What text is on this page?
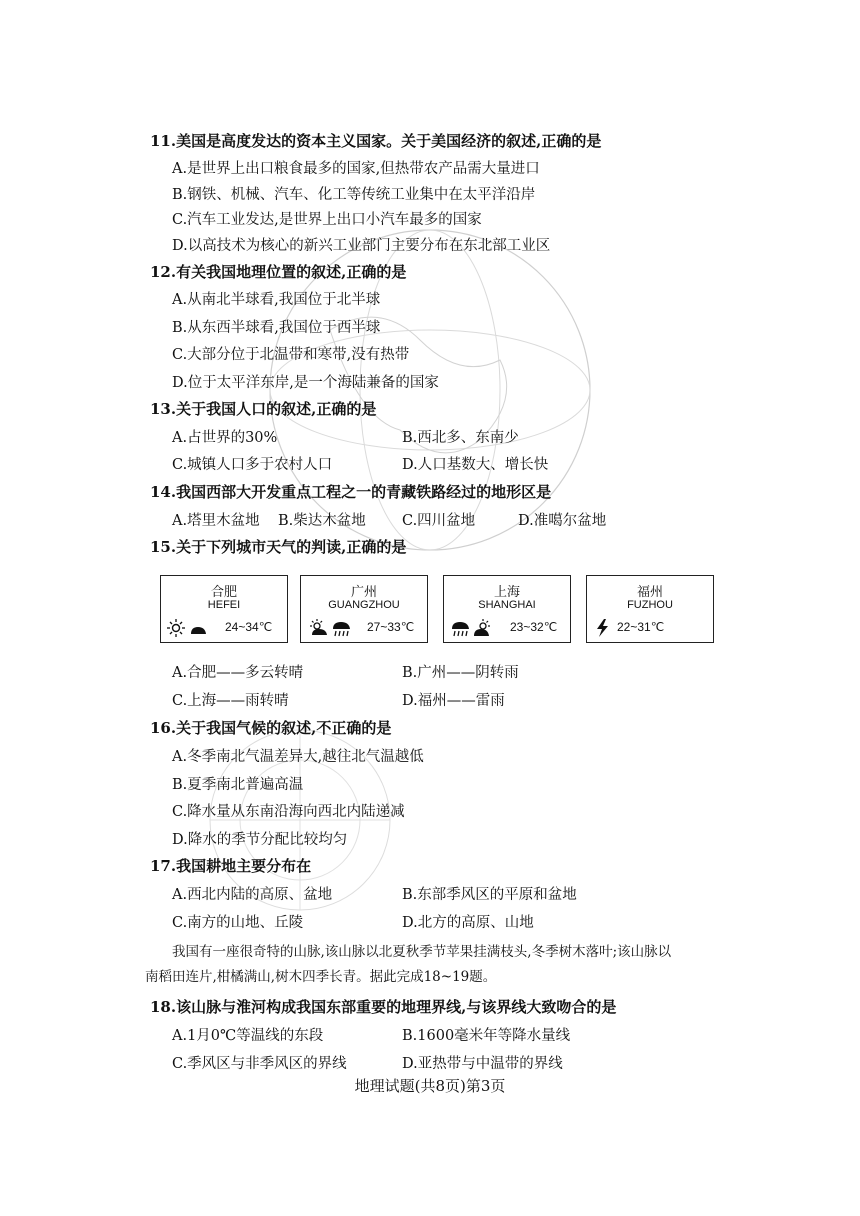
11.美国是高度发达的资本主义国家。关于美国经济的叙述,正确的是
A.是世界上出口粮食最多的国家,但热带农产品需大量进口
B.钢铁、机械、汽车、化工等传统工业集中在太平洋沿岸
C.汽车工业发达,是世界上出口小汽车最多的国家
D.以高技术为核心的新兴工业部门主要分布在东北部工业区
12.有关我国地理位置的叙述,正确的是
A.从南北半球看,我国位于北半球
B.从东西半球看,我国位于西半球
C.大部分位于北温带和寒带,没有热带
D.位于太平洋东岸,是一个海陆兼备的国家
13.关于我国人口的叙述,正确的是
A.占世界的30%	B.西北多、东南少
C.城镇人口多于农村人口	D.人口基数大、增长快
14.我国西部大开发重点工程之一的青藏铁路经过的地形区是
A.塔里木盆地 B.柴达木盆地 C.四川盆地	D.准噶尔盆地
15.关于下列城市天气的判读,正确的是
合肥
HEFEI
24~34℃
广州
GUANGZHOU
27~33℃
上海
SHANGHAI
23~32℃
福州
FUZHOU
22~31℃
A.合肥——多云转晴	B.广州——阴转雨
C.上海——雨转晴	D.福州——雷雨
16.关于我国气候的叙述,不正确的是
A.冬季南北气温差异大,越往北气温越低
B.夏季南北普遍高温
C.降水量从东南沿海向西北内陆递减
D.降水的季节分配比较均匀
17.我国耕地主要分布在
A.西北内陆的高原、盆地	B.东部季风区的平原和盆地
C.南方的山地、丘陵	D.北方的高原、山地
我国有一座很奇特的山脉,该山脉以北夏秋季节苹果挂满枝头,冬季树木落叶;该山脉以
南稻田连片,柑橘满山,树木四季长青。据此完成18~19题。
18.该山脉与淮河构成我国东部重要的地理界线,与该界线大致吻合的是
A.1月0℃等温线的东段	B.1600毫米年等降水量线
C.季风区与非季风区的界线	D.亚热带与中温带的界线
地理试题(共8页)第3页
